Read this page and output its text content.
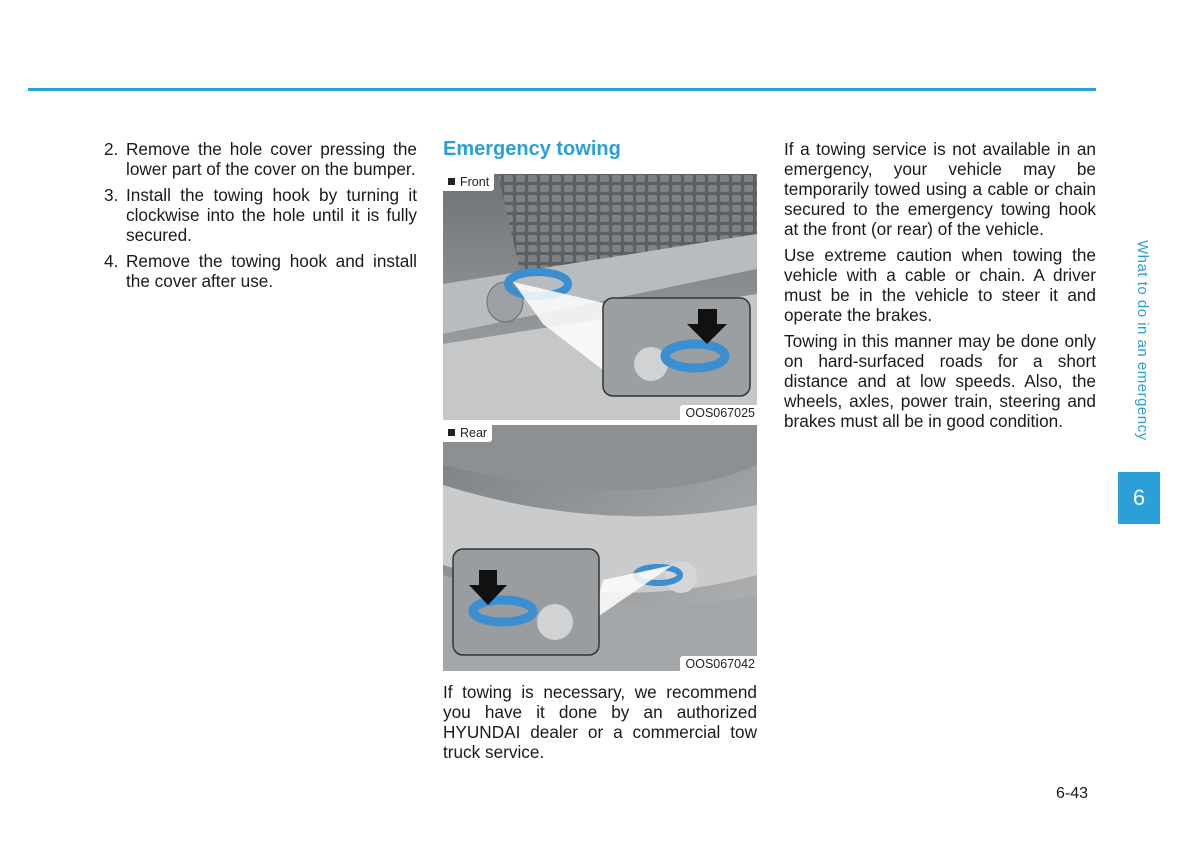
2. Remove the hole cover pressing the lower part of the cover on the bumper.
3. Install the towing hook by turning it clockwise into the hole until it is fully secured.
4. Remove the towing hook and install the cover after use.
Emergency towing
Front
OOS067025
Rear
OOS067042

If towing is necessary, we recommend you have it done by an authorized HYUNDAI dealer or a commercial tow truck service.

If a towing service is not available in an emergency, your vehicle may be temporarily towed using a cable or chain secured to the emergency towing hook at the front (or rear) of the vehicle.

Use extreme caution when towing the vehicle with a cable or chain. A driver must be in the vehicle to steer it and operate the brakes.

Towing in this manner may be done only on hard-surfaced roads for a short distance and at low speeds. Also, the wheels, axles, power train, steering and brakes must all be in good condition.	What to do in an emergency
6
6-43
